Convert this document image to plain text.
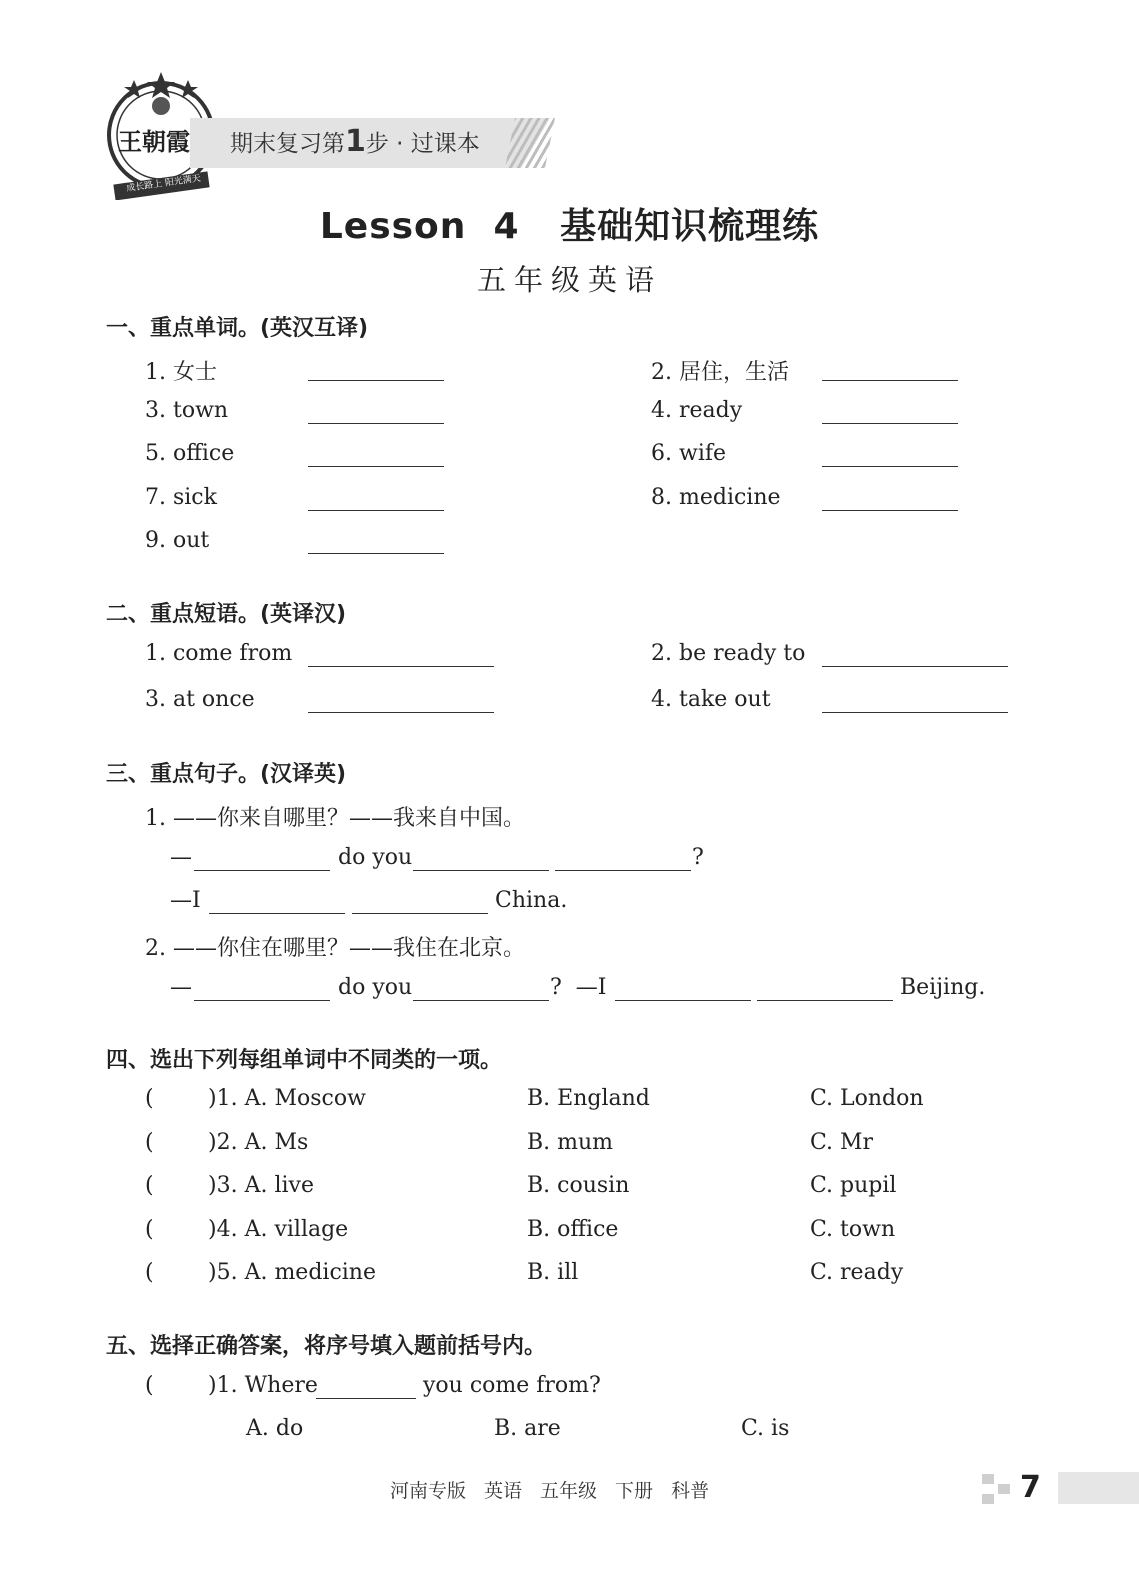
王朝霞
成长路上 阳光满天
期末复习第1步 · 过课本
Lesson  4   基础知识梳理练
五年级英语
一、重点单词。(英汉互译)
1. 女士	2. 居住，生活
3. town	4. ready
5. office	6. wife
7. sick	8. medicine
9. out
二、重点短语。(英译汉)
1. come from	2. be ready to
3. at once	4. take out
三、重点句子。(汉译英)
1. ——你来自哪里？——我来自中国。
—	do you	?
—I	China.
2. ——你住在哪里？——我住在北京。
—	do you	?  —I	Beijing.
四、选出下列每组单词中不同类的一项。
( )1. A. Moscow	B. England	C. London
( )2. A. Ms	B. mum	C. Mr
( )3. A. live	B. cousin	C. pupil
( )4. A. village	B. office	C. town
( )5. A. medicine	B. ill	C. ready
五、选择正确答案，将序号填入题前括号内。
( )1. Where	you come from?
A. do	B. are	C. is
河南专版 英语 五年级 下册 科普	7
